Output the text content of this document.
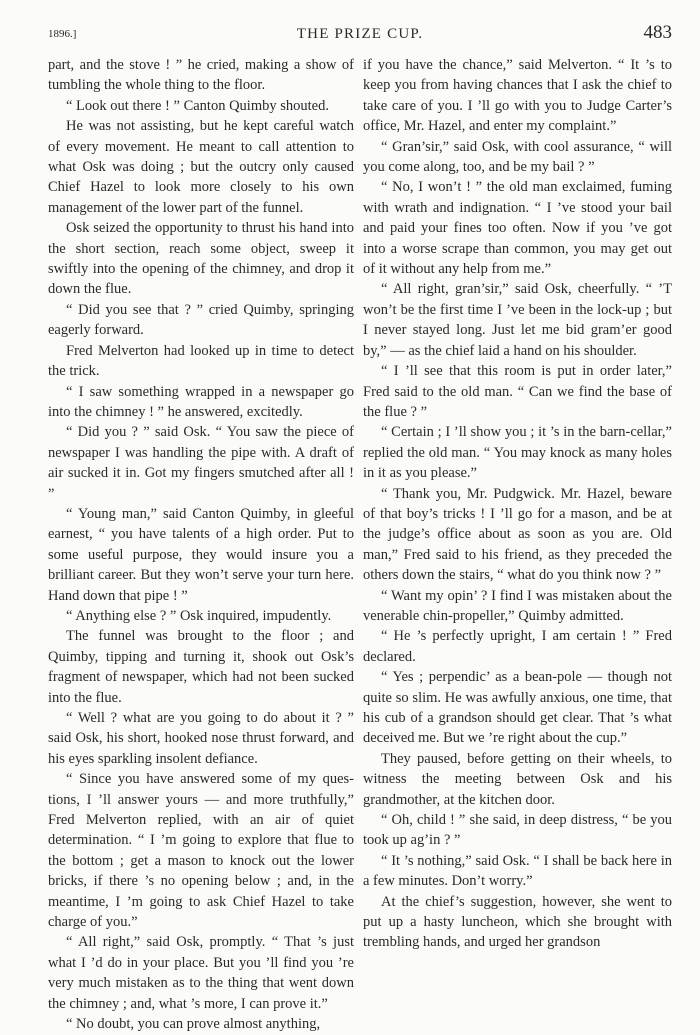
1896.]	THE PRIZE CUP.	483

part, and the stove ! ” he cried, making a show of tumbling the whole thing to the floor.

“ Look out there ! ” Canton Quimby shouted.

He was not assisting, but he kept careful watch of every movement. He meant to call attention to what Osk was doing ; but the outcry only caused Chief Hazel to look more closely to his own management of the lower part of the funnel.

Osk seized the opportunity to thrust his hand into the short section, reach some object, sweep it swiftly into the opening of the chimney, and drop it down the flue.

“ Did you see that ? ” cried Quimby, springing eagerly forward.

Fred Melverton had looked up in time to detect the trick.

“ I saw something wrapped in a newspaper go into the chimney ! ” he answered, excitedly.

“ Did you ? ” said Osk. “ You saw the piece of newspaper I was handling the pipe with. A draft of air sucked it in. Got my fingers smutched after all ! ”

“ Young man,” said Canton Quimby, in gleeful earnest, “ you have talents of a high order. Put to some useful purpose, they would insure you a brilliant career. But they won’t serve your turn here. Hand down that pipe ! ”

“ Anything else ? ” Osk inquired, impudently.

The funnel was brought to the floor ; and Quimby, tipping and turning it, shook out Osk’s fragment of newspaper, which had not been sucked into the flue.

“ Well ? what are you going to do about it ? ” said Osk, his short, hooked nose thrust forward, and his eyes sparkling insolent defiance.

“ Since you have answered some of my questions, I ’ll answer yours — and more truthfully,” Fred Melverton replied, with an air of quiet determination. “ I ’m going to explore that flue to the bottom ; get a mason to knock out the lower bricks, if there ’s no opening below ; and, in the meantime, I ’m going to ask Chief Hazel to take charge of you.”

“ All right,” said Osk, promptly. “ That ’s just what I ’d do in your place. But you ’ll find you ’re very much mistaken as to the thing that went down the chimney ; and, what ’s more, I can prove it.”

“ No doubt, you can prove almost anything,

if you have the chance,” said Melverton. “ It ’s to keep you from having chances that I ask the chief to take care of you. I ’ll go with you to Judge Carter’s office, Mr. Hazel, and enter my complaint.”

“ Gran’sir,” said Osk, with cool assurance, “ will you come along, too, and be my bail ? ”

“ No, I won’t ! ” the old man exclaimed, fuming with wrath and indignation. “ I ’ve stood your bail and paid your fines too often. Now if you ’ve got into a worse scrape than common, you may get out of it without any help from me.”

“ All right, gran’sir,” said Osk, cheerfully. “ ’T won’t be the first time I ’ve been in the lock-up ; but I never stayed long. Just let me bid gram’er good by,” — as the chief laid a hand on his shoulder.

“ I ’ll see that this room is put in order later,” Fred said to the old man. “ Can we find the base of the flue ? ”

“ Certain ; I ’ll show you ; it ’s in the barn-cellar,” replied the old man. “ You may knock as many holes in it as you please.”

“ Thank you, Mr. Pudgwick. Mr. Hazel, beware of that boy’s tricks ! I ’ll go for a mason, and be at the judge’s office about as soon as you are. Old man,” Fred said to his friend, as they preceded the others down the stairs, “ what do you think now ? ”

“ Want my opin’ ? I find I was mistaken about the venerable chin-propeller,” Quimby admitted.

“ He ’s perfectly upright, I am certain ! ” Fred declared.

“ Yes ; perpendic’ as a bean-pole — though not quite so slim. He was awfully anxious, one time, that his cub of a grandson should get clear. That ’s what deceived me. But we ’re right about the cup.”

They paused, before getting on their wheels, to witness the meeting between Osk and his grandmother, at the kitchen door.

“ Oh, child ! ” she said, in deep distress, “ be you took up ag’in ? ”

“ It ’s nothing,” said Osk. “ I shall be back here in a few minutes. Don’t worry.”

At the chief’s suggestion, however, she went to put up a hasty luncheon, which she brought with trembling hands, and urged her grandson
